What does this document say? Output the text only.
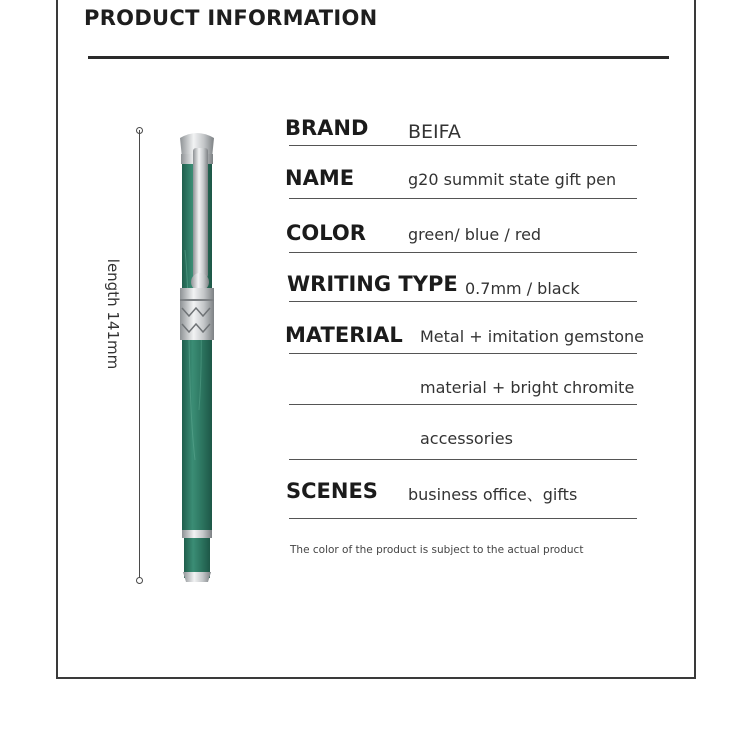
PRODUCT INFORMATION
length 141mm
BRAND BEIFA
NAME	g20 summit state gift pen
COLOR	green/ blue / red
WRITING TYPE 0.7mm / black
MATERIAL Metal + imitation gemstone
material + bright chromite
accessories
SCENES business office、gifts
The color of the product is subject to the actual product
